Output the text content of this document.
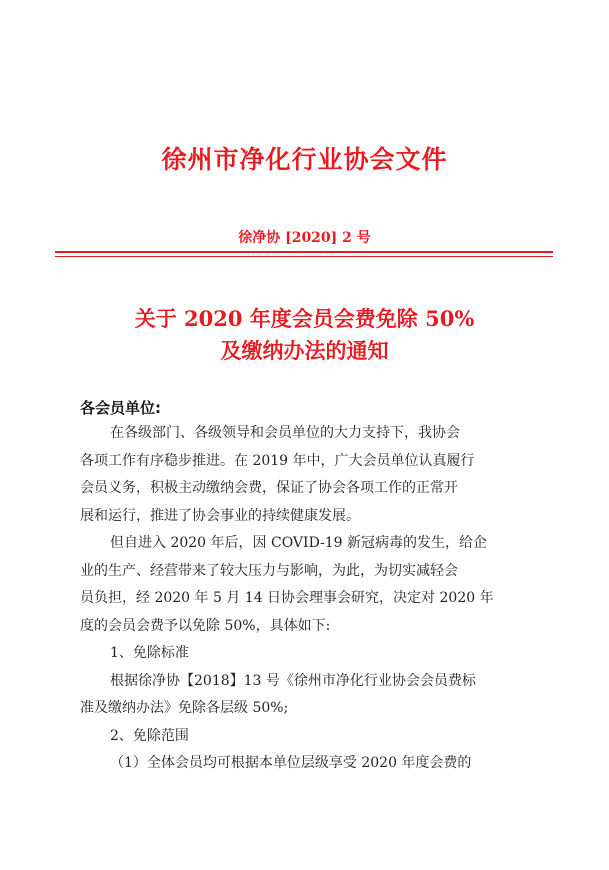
徐州市净化行业协会文件
徐净协 [2020] 2 号
关于 2020 年度会员会费免除 50%
及缴纳办法的通知
各会员单位:
在各级部门、各级领导和会员单位的大力支持下，我协会
各项工作有序稳步推进。在 2019 年中，广大会员单位认真履行
会员义务，积极主动缴纳会费，保证了协会各项工作的正常开
展和运行，推进了协会事业的持续健康发展。
但自进入 2020 年后，因 COVID-19 新冠病毒的发生，给企
业的生产、经营带来了较大压力与影响，为此，为切实减轻会
员负担，经 2020 年 5 月 14 日协会理事会研究，决定对 2020 年
度的会员会费予以免除 50%，具体如下:
1、免除标准
根据徐净协【2018】13 号《徐州市净化行业协会会员费标
准及缴纳办法》免除各层级 50%;
2、免除范围
（1）全体会员均可根据本单位层级享受 2020 年度会费的
